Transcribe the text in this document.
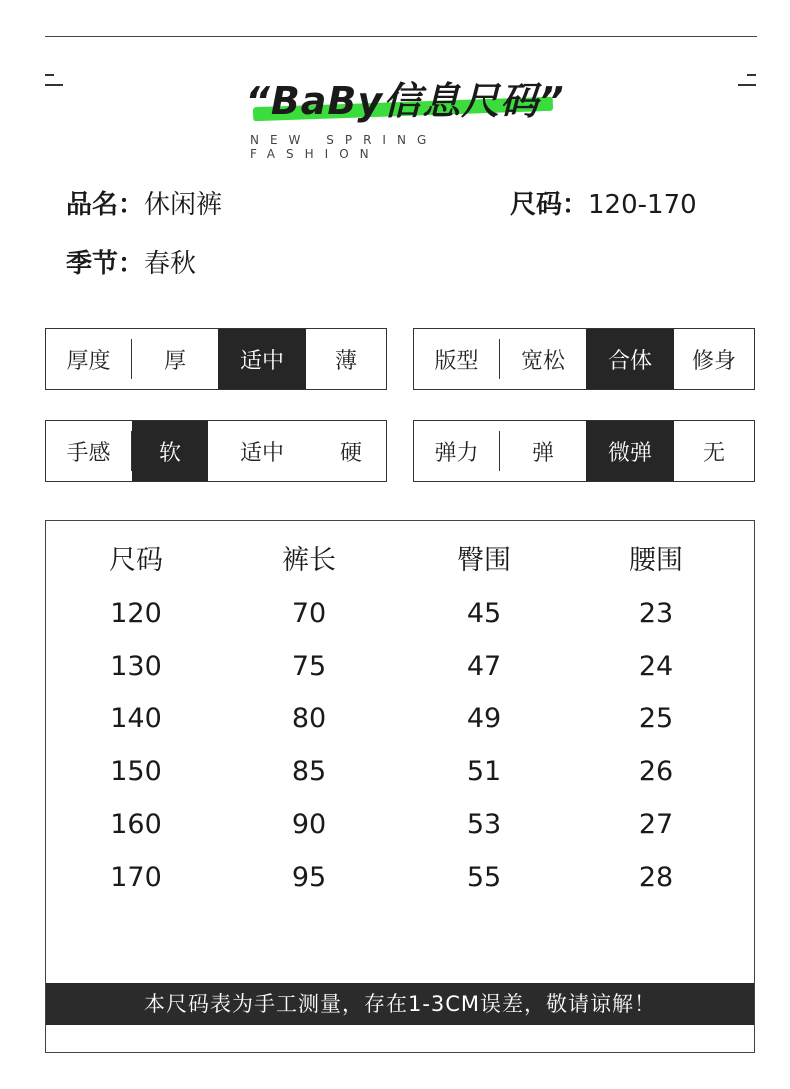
“BaBy信息尺码”
NEW SPRING FASHION
品名：休闲裤	尺码：120-170
季节：春秋
厚度	厚	适中	薄	版型	宽松	合体	修身
手感	软	适中	硬	弹力	弹	微弹	无
尺码	裤长	臀围	腰围
120	70	45	23
130	75	47	24
140	80	49	25
150	85	51	26
160	90	53	27
170	95	55	28
本尺码表为手工测量，存在1-3CM误差，敬请谅解！
